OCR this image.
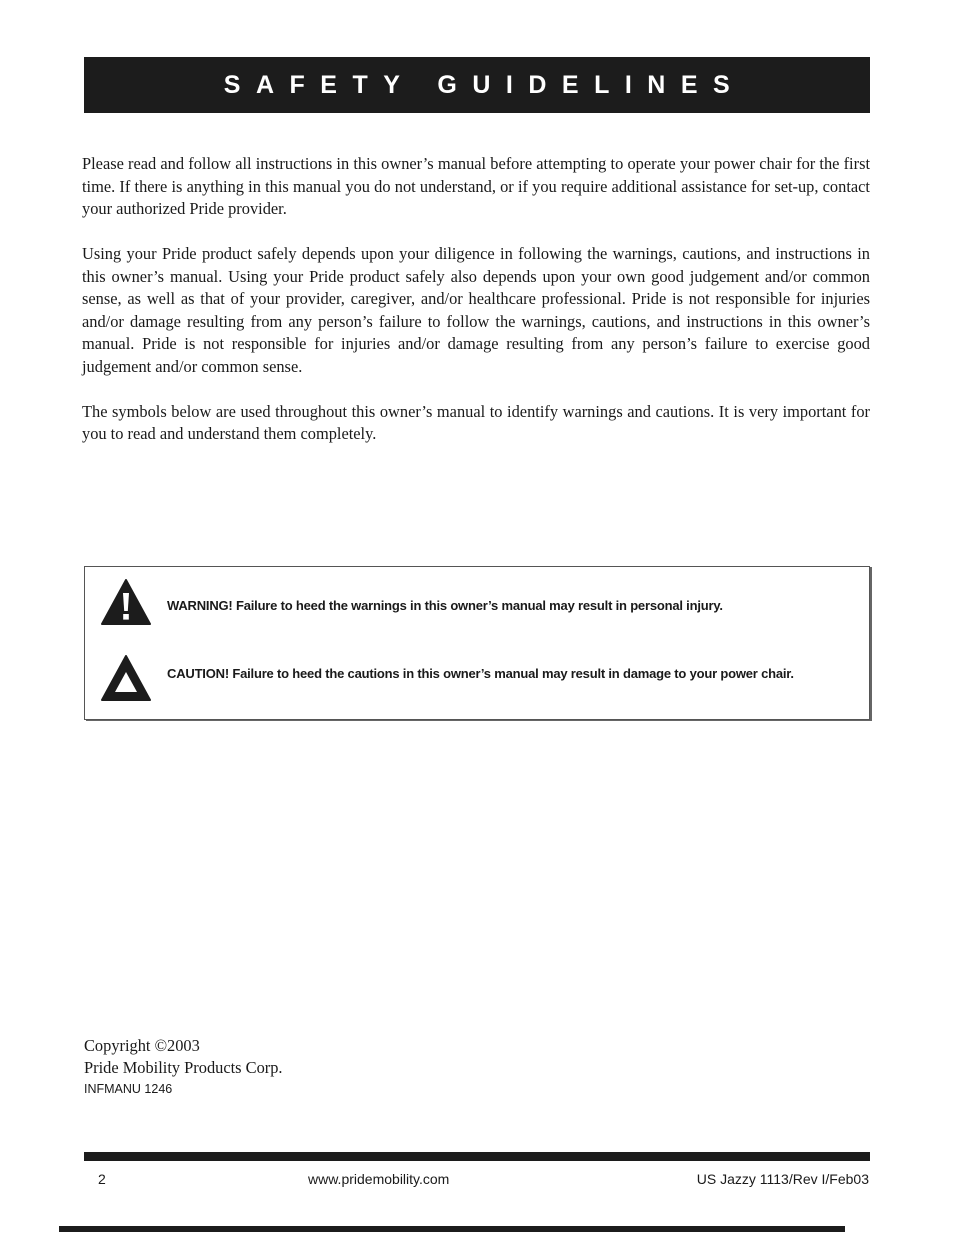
SAFETY GUIDELINES

Please read and follow all instructions in this owner’s manual before attempting to operate your power chair for the first time. If there is anything in this manual you do not understand, or if you require additional assistance for set-up, contact your authorized Pride provider.

Using your Pride product safely depends upon your diligence in following the warnings, cautions, and instructions in this owner’s manual. Using your Pride product safely also depends upon your own good judgement and/or common sense, as well as that of your provider, caregiver, and/or healthcare professional. Pride is not responsible for injuries and/or damage resulting from any person’s failure to follow the warnings, cautions, and instructions in this owner’s manual. Pride is not responsible for injuries and/or damage resulting from any person’s failure to exercise good judgement and/or common sense.

The symbols below are used throughout this owner’s manual to identify warnings and cautions. It is very important for you to read and understand them completely.

WARNING! Failure to heed the warnings in this owner’s manual may result in personal injury.
CAUTION! Failure to heed the cautions in this owner’s manual may result in damage to your power chair.
Copyright ©2003
Pride Mobility Products Corp.
INFMANU 1246
2	www.pridemobility.com	US Jazzy 1113/Rev I/Feb03
